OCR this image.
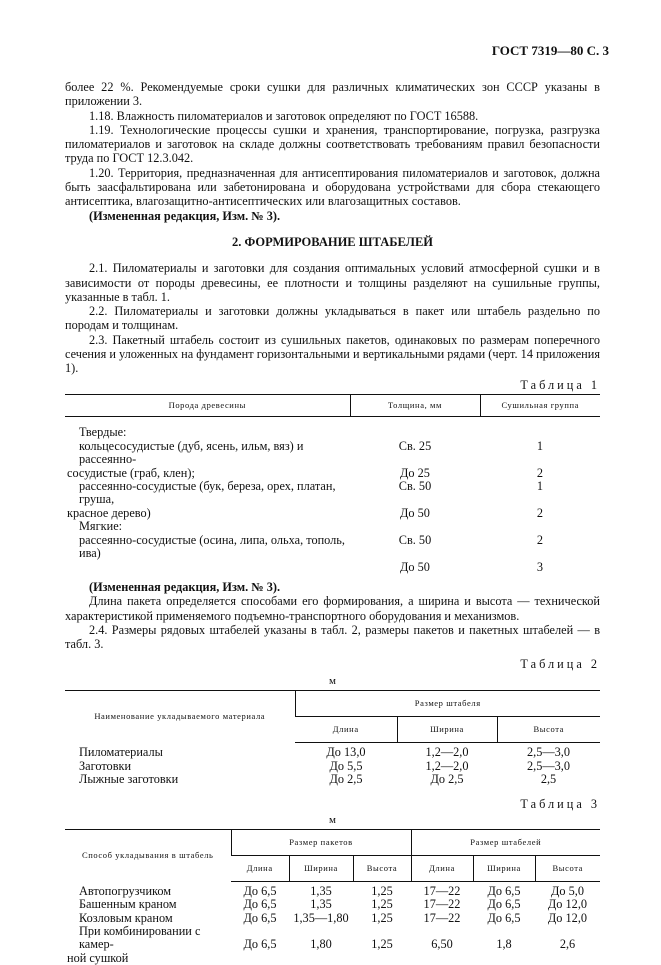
ГОСТ 7319—80 С. 3

более 22 %. Рекомендуемые сроки сушки для различных климатических зон СССР указаны в приложении 3.

1.18. Влажность пиломатериалов и заготовок определяют по ГОСТ 16588.

1.19. Технологические процессы сушки и хранения, транспортирование, погрузка, разгрузка пиломатериалов и заготовок на складе должны соответствовать требованиям правил безопасности труда по ГОСТ 12.3.042.

1.20. Территория, предназначенная для антисептирования пиломатериалов и заготовок, должна быть заасфальтирована или забетонирована и оборудована устройствами для сбора стекающего антисептика, влагозащитно-антисептических или влагозащитных составов.

(Измененная редакция, Изм. № 3).

2. ФОРМИРОВАНИЕ ШТАБЕЛЕЙ

2.1. Пиломатериалы и заготовки для создания оптимальных условий атмосферной сушки и в зависимости от породы древесины, ее плотности и толщины разделяют на сушильные группы, указанные в табл. 1.

2.2. Пиломатериалы и заготовки должны укладываться в пакет или штабель раздельно по породам и толщинам.

2.3. Пакетный штабель состоит из сушильных пакетов, одинаковых по размерам поперечного сечения и уложенных на фундамент горизонтальными и вертикальными рядами (черт. 14 приложения 1).

Таблица 1
Порода древесины	Толщина, мм	Сушильная группа

Твердые:		
кольцесосудистые (дуб, ясень, ильм, вяз) и рассеянно-	Св. 25	1
сосудистые (граб, клен);	До 25	2
рассеянно-сосудистые (бук, береза, орех, платан, груша,	Св. 50	1
красное дерево)	До 50	2
Мягкие:		
рассеянно-сосудистые (осина, липа, ольха, тополь, ива)	Св. 50	2
	До 50	3

(Измененная редакция, Изм. № 3).

Длина пакета определяется способами его формирования, а ширина и высота — технической характеристикой применяемого подъемно-транспортного оборудования и механизмов.

2.4. Размеры рядовых штабелей указаны в табл. 2, размеры пакетов и пакетных штабелей — в табл. 3.

Таблица 2
м
Наименование укладываемого материала	Размер штабеля		
	Длина	Ширина	Высота

Пиломатериалы	До 13,0	1,2—2,0	2,5—3,0
Заготовки	До 5,5	1,2—2,0	2,5—3,0
Лыжные заготовки	До 2,5	До 2,5	2,5
Таблица 3
м
Способ укладывания в штабель	Размер пакетов			Размер штабелей		
	Длина	Ширина	Высота	Длина	Ширина	Высота

Автопогрузчиком	До 6,5	1,35	1,25	17—22	До 6,5	До 5,0
Башенным краном	До 6,5	1,35	1,25	17—22	До 6,5	До 12,0
Козловым краном	До 6,5	1,35—1,80	1,25	17—22	До 6,5	До 12,0

При комбинировании с камер-
ной сушкой	До 6,5	1,80	1,25	6,50	1,8	2,6
